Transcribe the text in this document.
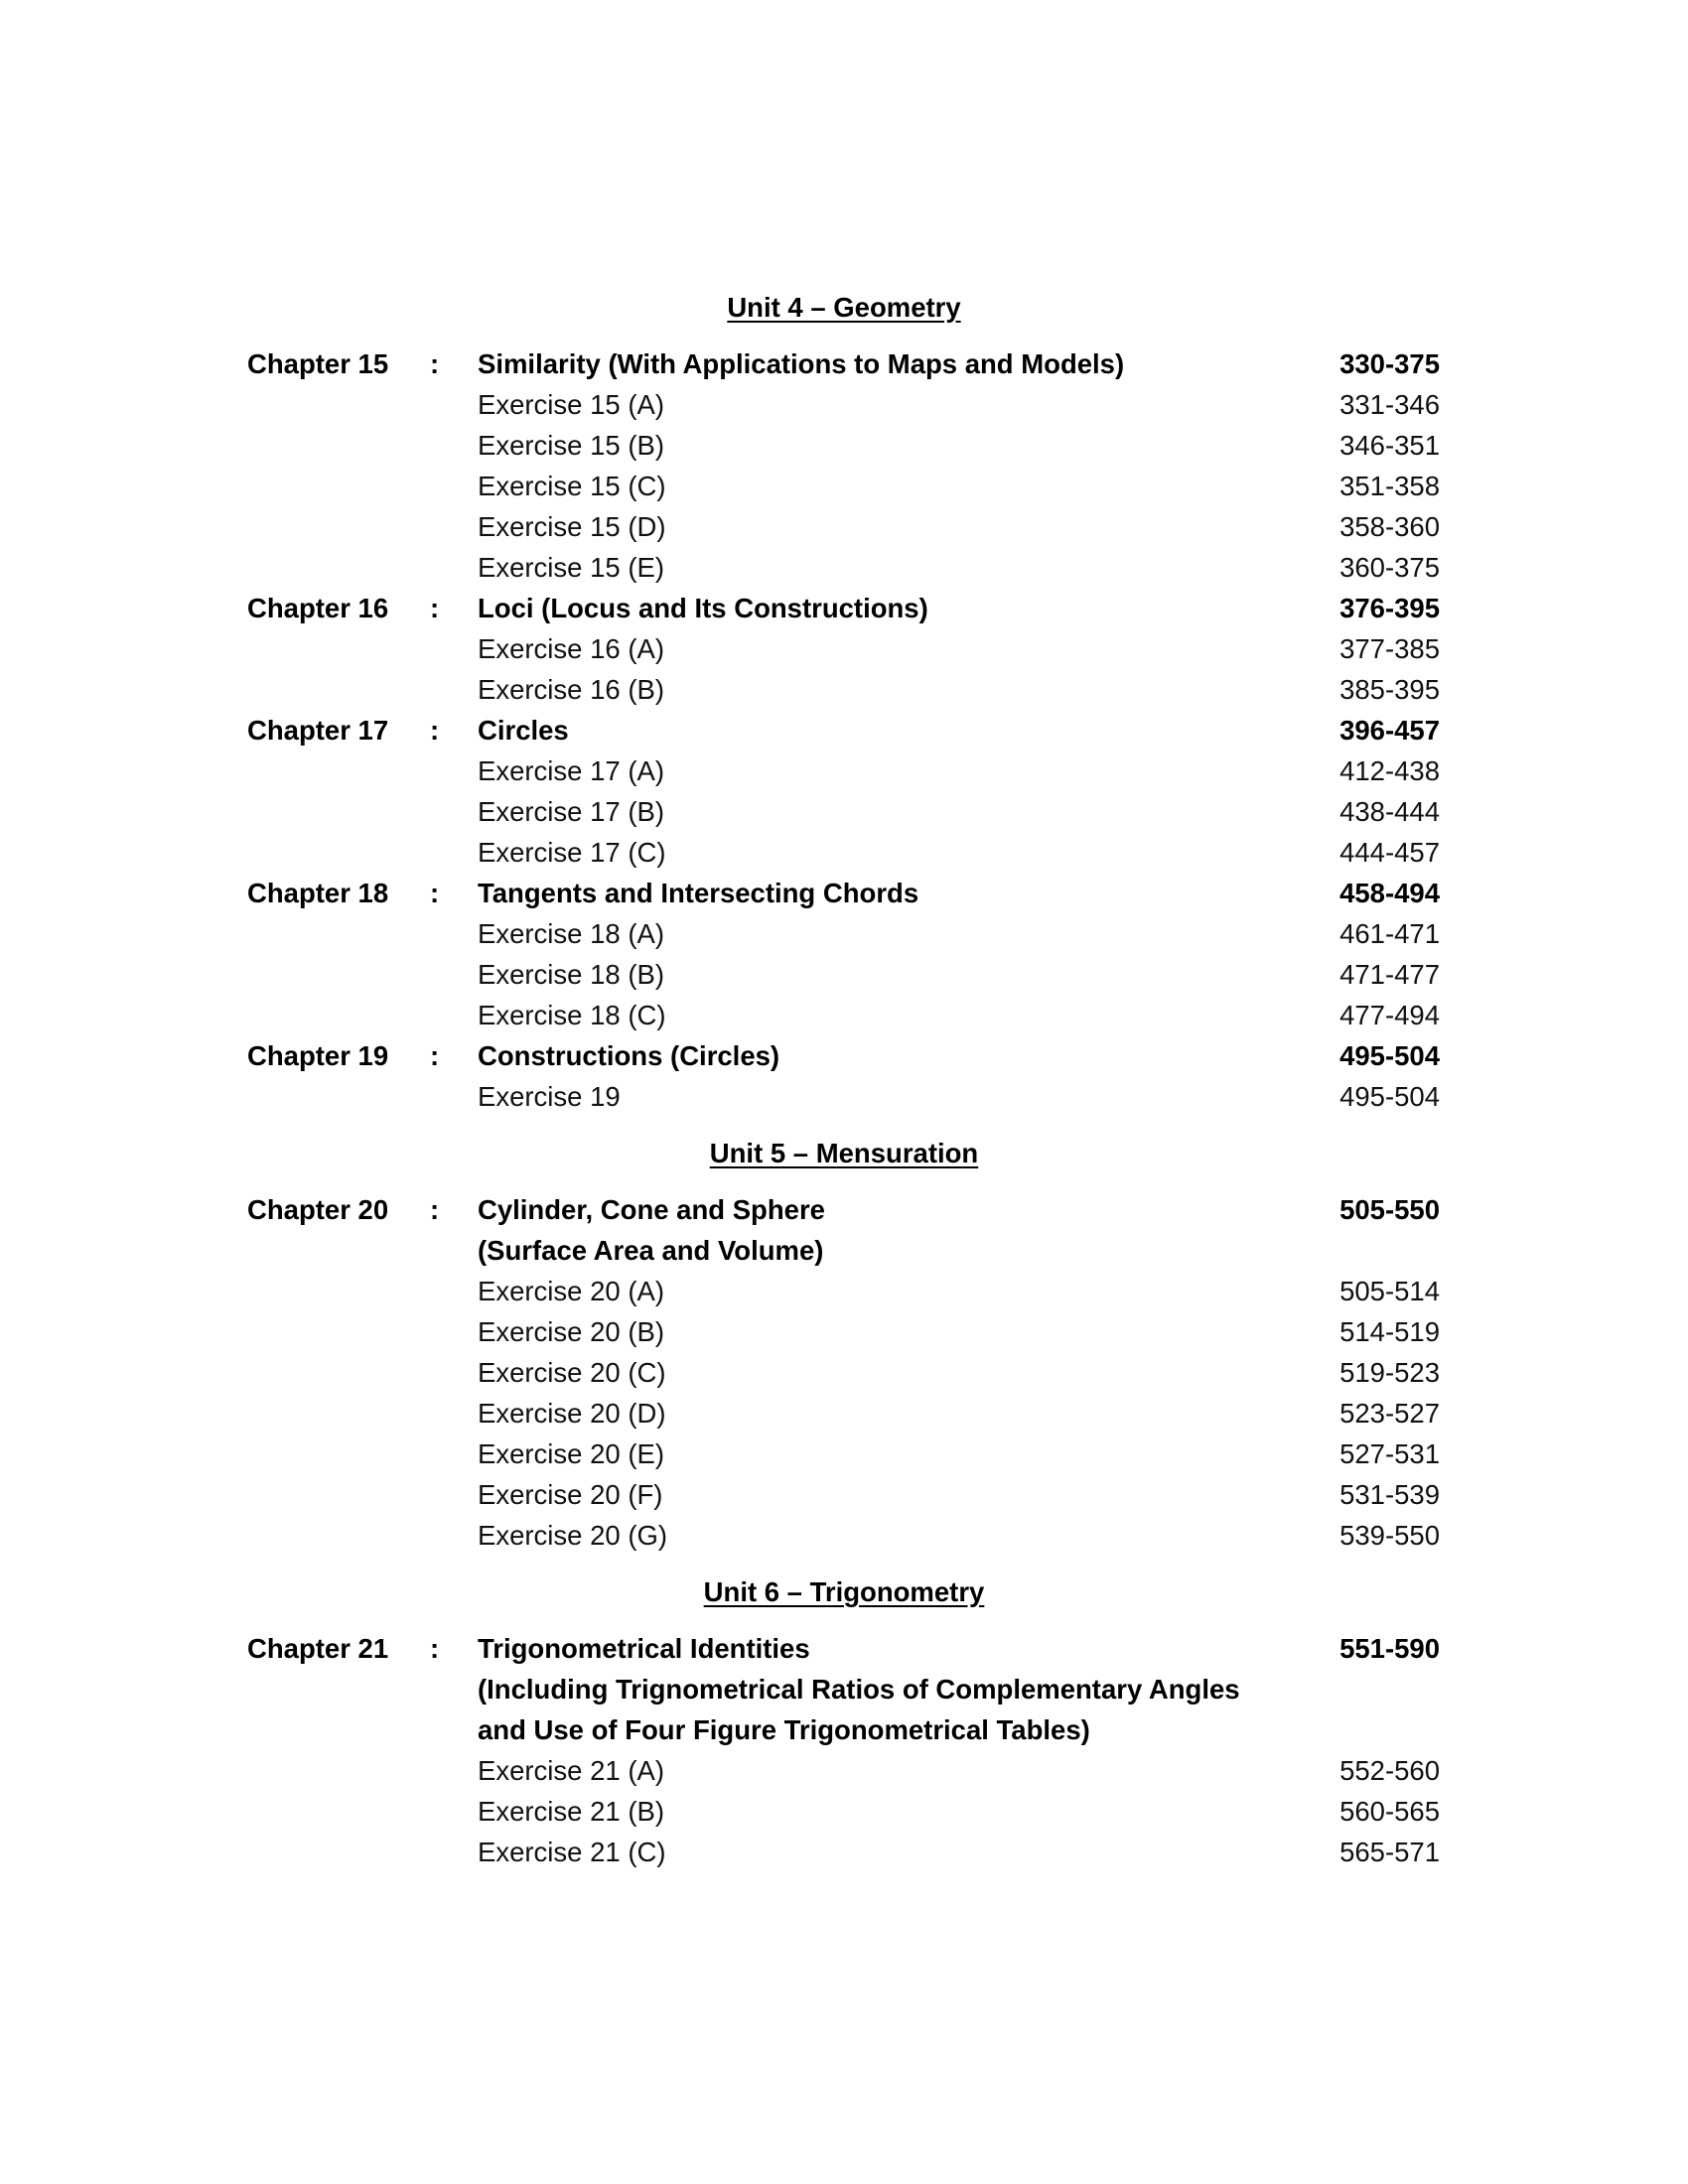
Unit 4 – Geometry
Chapter 15 : Similarity (With Applications to Maps and Models)	330-375
Exercise 15 (A)	331-346
Exercise 15 (B)	346-351
Exercise 15 (C)	351-358
Exercise 15 (D)	358-360
Exercise 15 (E)	360-375
Chapter 16 : Loci (Locus and Its Constructions)	376-395
Exercise 16 (A)	377-385
Exercise 16 (B)	385-395
Chapter 17 : Circles	396-457
Exercise 17 (A)	412-438
Exercise 17 (B)	438-444
Exercise 17 (C)	444-457
Chapter 18 : Tangents and Intersecting Chords	458-494
Exercise 18 (A)	461-471
Exercise 18 (B)	471-477
Exercise 18 (C)	477-494
Chapter 19 : Constructions (Circles)	495-504
Exercise 19	495-504
Unit 5 – Mensuration
Chapter 20 : Cylinder, Cone and Sphere	505-550
(Surface Area and Volume)
Exercise 20 (A)	505-514
Exercise 20 (B)	514-519
Exercise 20 (C)	519-523
Exercise 20 (D)	523-527
Exercise 20 (E)	527-531
Exercise 20 (F)	531-539
Exercise 20 (G)	539-550
Unit 6 – Trigonometry
Chapter 21 : Trigonometrical Identities	551-590
(Including Trignometrical Ratios of Complementary Angles
and Use of Four Figure Trigonometrical Tables)
Exercise 21 (A)	552-560
Exercise 21 (B)	560-565
Exercise 21 (C)	565-571
